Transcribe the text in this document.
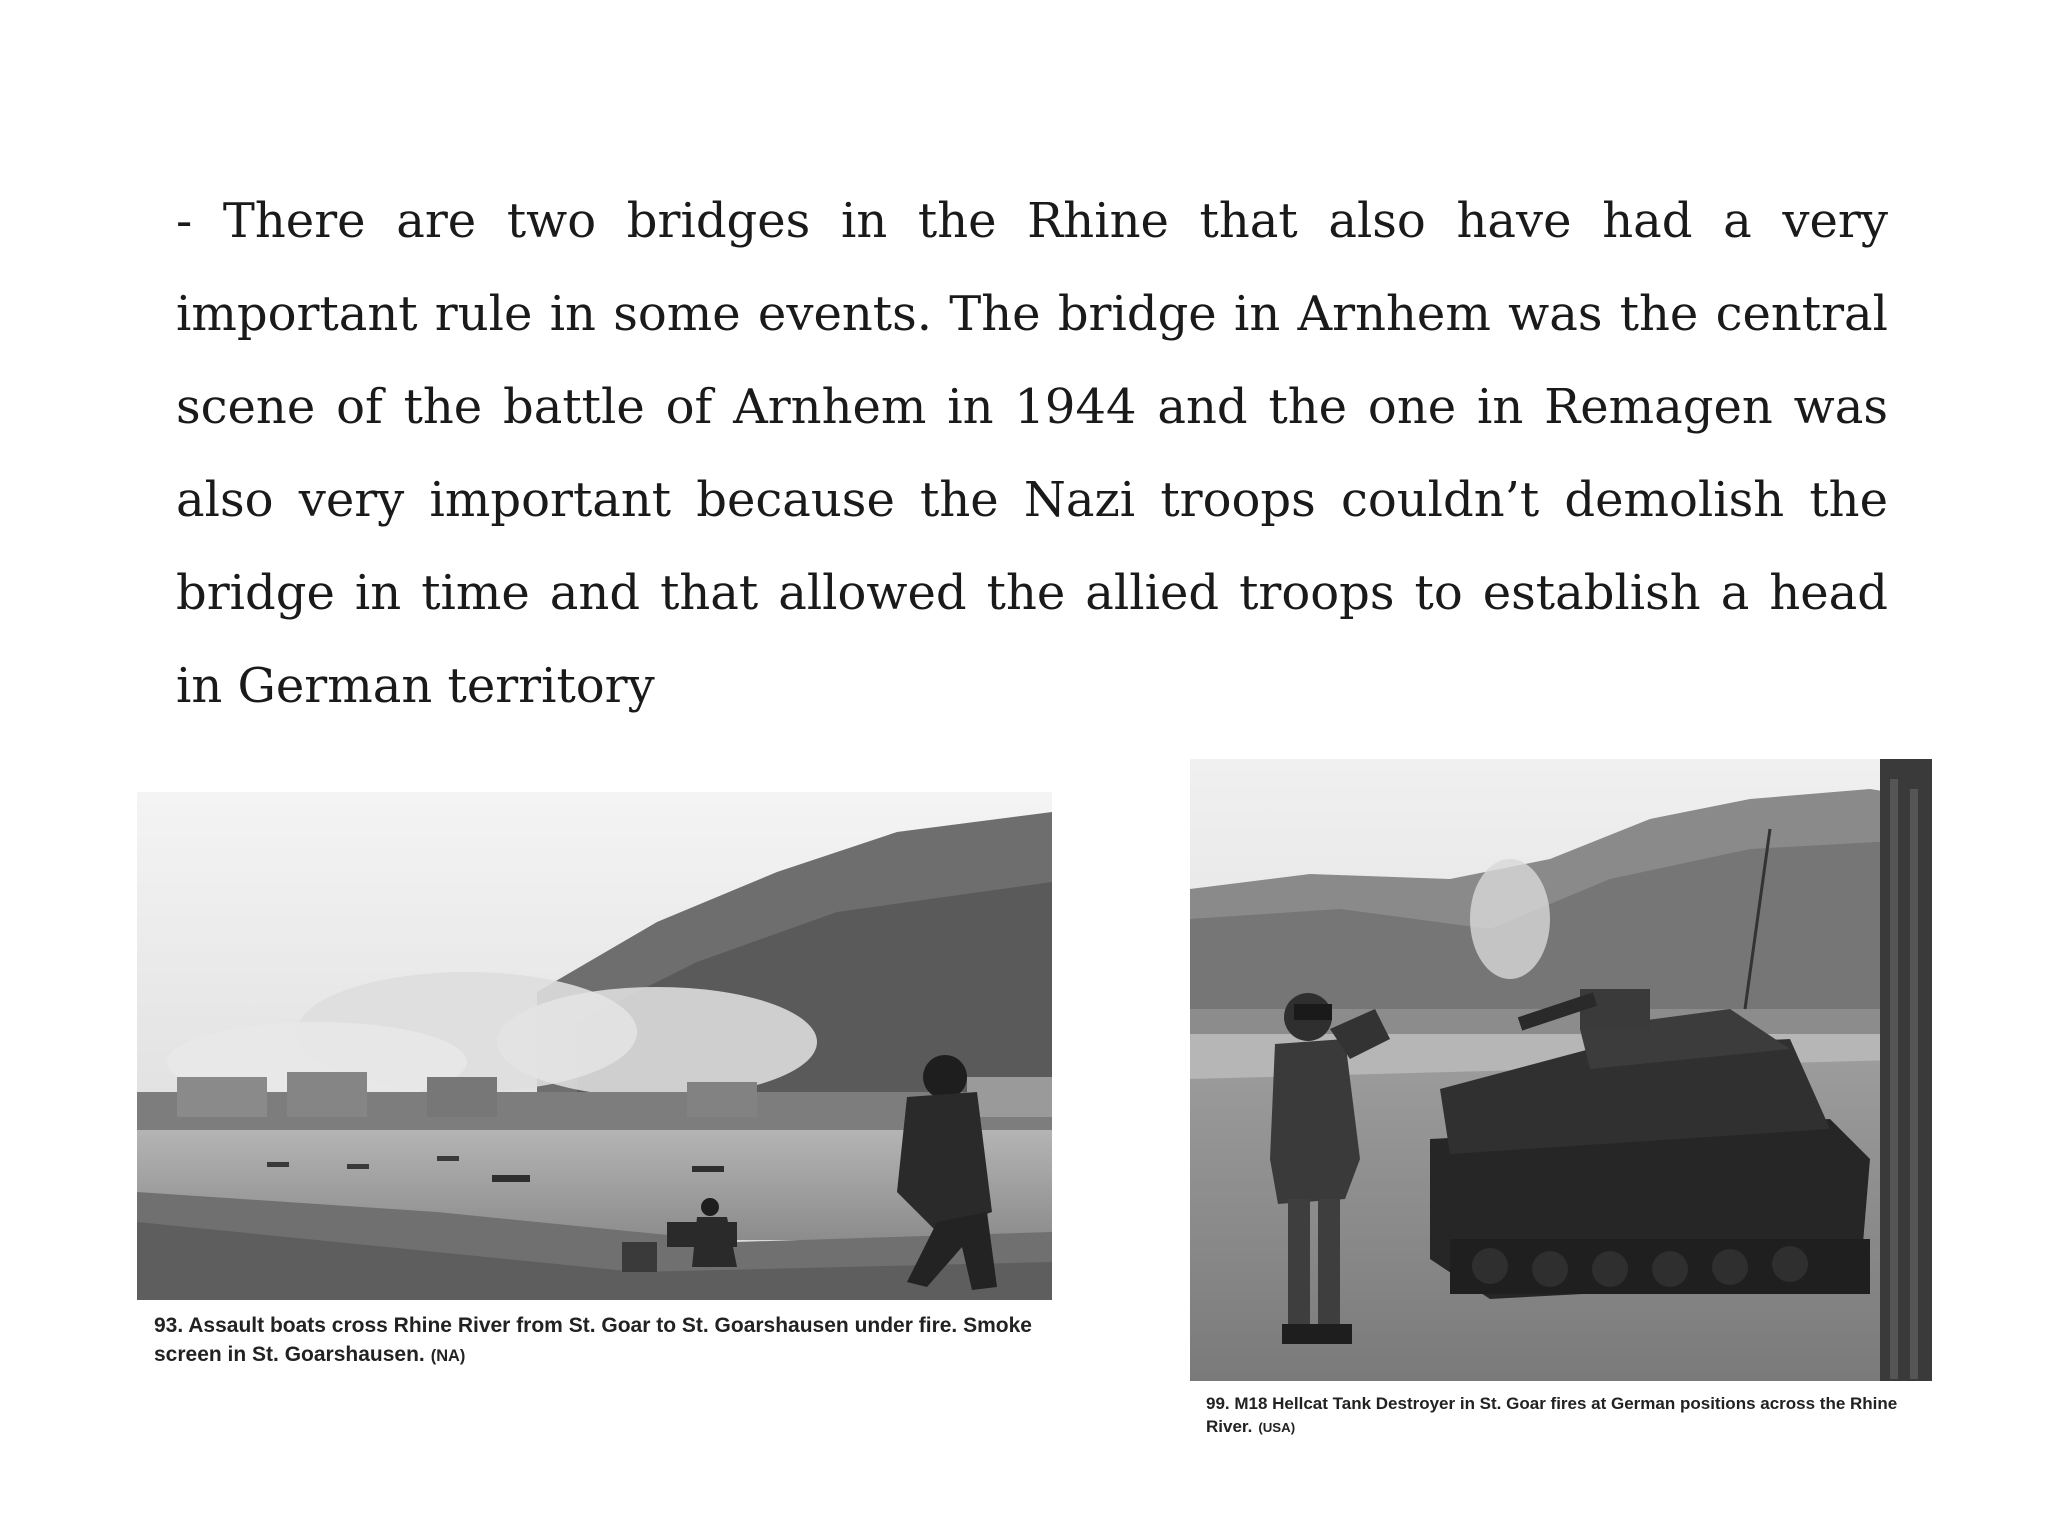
- There are two bridges in the Rhine that also have had a very important rule in some events. The bridge in Arnhem was the central scene of the battle of Arnhem in 1944 and the one in Remagen was also very important because the Nazi troops couldn’t demolish the bridge in time and that allowed the allied troops to establish a head in German territory

93. Assault boats cross Rhine River from St. Goar to St. Goarshausen under fire. Smoke screen in St. Goarshausen. (NA)

99. M18 Hellcat Tank Destroyer in St. Goar fires at German positions across the Rhine River. (USA)
